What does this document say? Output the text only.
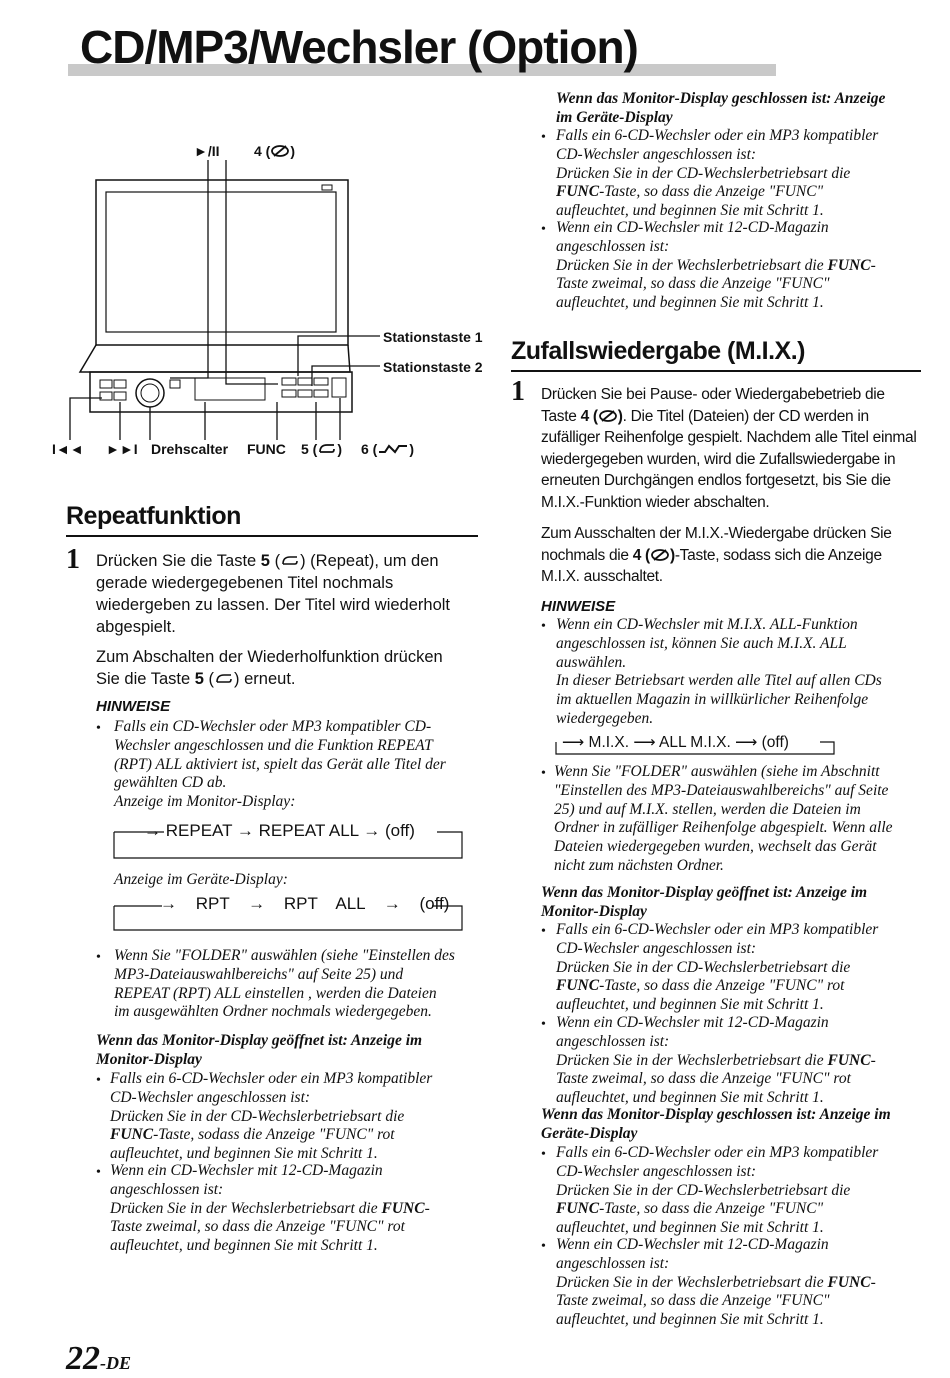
CD/MP3/Wechsler (Option)
►/II 4 ( )
Stationstaste 1
Stationstaste 2
I◄◄ ►►I Drehscalter FUNC 5 ( ) 6 ( )
Repeatfunktion
1 Drücken Sie die Taste 5 ( ) (Repeat), um den
gerade wiedergegebenen Titel nochmals
wiedergeben zu lassen. Der Titel wird wiederholt
abgespielt.
Zum Abschalten der Wiederholfunktion drücken
Sie die Taste 5 ( ) erneut.
HINWEISE
• Falls ein CD-Wechsler oder MP3 kompatibler CD-
Wechsler angeschlossen und die Funktion REPEAT
(RPT) ALL aktiviert ist, spielt das Gerät alle Titel der
gewählten CD ab.
Anzeige im Monitor-Display:
→ REPEAT → REPEAT ALL → (off)
Anzeige im Geräte-Display:
→ RPT → RPT ALL → (off)
• Wenn Sie "FOLDER" auswählen (siehe "Einstellen des
MP3-Dateiauswahlbereichs" auf Seite 25) und
REPEAT (RPT) ALL einstellen , werden die Dateien
im ausgewählten Ordner nochmals wiedergegeben.
Wenn das Monitor-Display geöffnet ist: Anzeige im
Monitor-Display
• Falls ein 6-CD-Wechsler oder ein MP3 kompatibler
CD-Wechsler angeschlossen ist:
Drücken Sie in der CD-Wechslerbetriebsart die
FUNC-Taste, sodass die Anzeige "FUNC" rot
aufleuchtet, und beginnen Sie mit Schritt 1.
• Wenn ein CD-Wechsler mit 12-CD-Magazin
angeschlossen ist:
Drücken Sie in der Wechslerbetriebsart die FUNC-
Taste zweimal, so dass die Anzeige "FUNC" rot
aufleuchtet, und beginnen Sie mit Schritt 1.
Wenn das Monitor-Display geschlossen ist: Anzeige
im Geräte-Display
• Falls ein 6-CD-Wechsler oder ein MP3 kompatibler
CD-Wechsler angeschlossen ist:
Drücken Sie in der CD-Wechslerbetriebsart die
FUNC-Taste, so dass die Anzeige "FUNC"
aufleuchtet, und beginnen Sie mit Schritt 1.
• Wenn ein CD-Wechsler mit 12-CD-Magazin
angeschlossen ist:
Drücken Sie in der Wechslerbetriebsart die FUNC-
Taste zweimal, so dass die Anzeige "FUNC"
aufleuchtet, und beginnen Sie mit Schritt 1.
Zufallswiedergabe (M.I.X.)
1 Drücken Sie bei Pause- oder Wiedergabebetrieb die
Taste 4 ( ). Die Titel (Dateien) der CD werden in
zufälliger Reihenfolge gespielt. Nachdem alle Titel einmal
wiedergegeben wurden, wird die Zufallswiedergabe in
erneuten Durchgängen endlos fortgesetzt, bis Sie die
M.I.X.-Funktion wieder abschalten.
Zum Ausschalten der M.I.X.-Wiedergabe drücken Sie
nochmals die 4 ( )-Taste, sodass sich die Anzeige
M.I.X. ausschaltet.
HINWEISE
• Wenn ein CD-Wechsler mit M.I.X. ALL-Funktion
angeschlossen ist, können Sie auch M.I.X. ALL
auswählen.
In dieser Betriebsart werden alle Titel auf allen CDs
im aktuellen Magazin in willkürlicher Reihenfolge
wiedergegeben.
⟶ M.I.X. ⟶ ALL M.I.X. ⟶ (off)
• Wenn Sie "FOLDER" auswählen (siehe im Abschnitt
"Einstellen des MP3-Dateiauswahlbereichs" auf Seite
25) und auf M.I.X. stellen, werden die Dateien im
Ordner in zufälliger Reihenfolge abgespielt. Wenn alle
Dateien wiedergegeben wurden, wechselt das Gerät
nicht zum nächsten Ordner.
Wenn das Monitor-Display geöffnet ist: Anzeige im
Monitor-Display
• Falls ein 6-CD-Wechsler oder ein MP3 kompatibler
CD-Wechsler angeschlossen ist:
Drücken Sie in der CD-Wechslerbetriebsart die
FUNC-Taste, so dass die Anzeige "FUNC" rot
aufleuchtet, und beginnen Sie mit Schritt 1.
• Wenn ein CD-Wechsler mit 12-CD-Magazin
angeschlossen ist:
Drücken Sie in der Wechslerbetriebsart die FUNC-
Taste zweimal, so dass die Anzeige "FUNC" rot
aufleuchtet, und beginnen Sie mit Schritt 1.
Wenn das Monitor-Display geschlossen ist: Anzeige im
Geräte-Display
• Falls ein 6-CD-Wechsler oder ein MP3 kompatibler
CD-Wechsler angeschlossen ist:
Drücken Sie in der CD-Wechslerbetriebsart die
FUNC-Taste, so dass die Anzeige "FUNC"
aufleuchtet, und beginnen Sie mit Schritt 1.
• Wenn ein CD-Wechsler mit 12-CD-Magazin
angeschlossen ist:
Drücken Sie in der Wechslerbetriebsart die FUNC-
Taste zweimal, so dass die Anzeige "FUNC"
aufleuchtet, und beginnen Sie mit Schritt 1.
22-DE
